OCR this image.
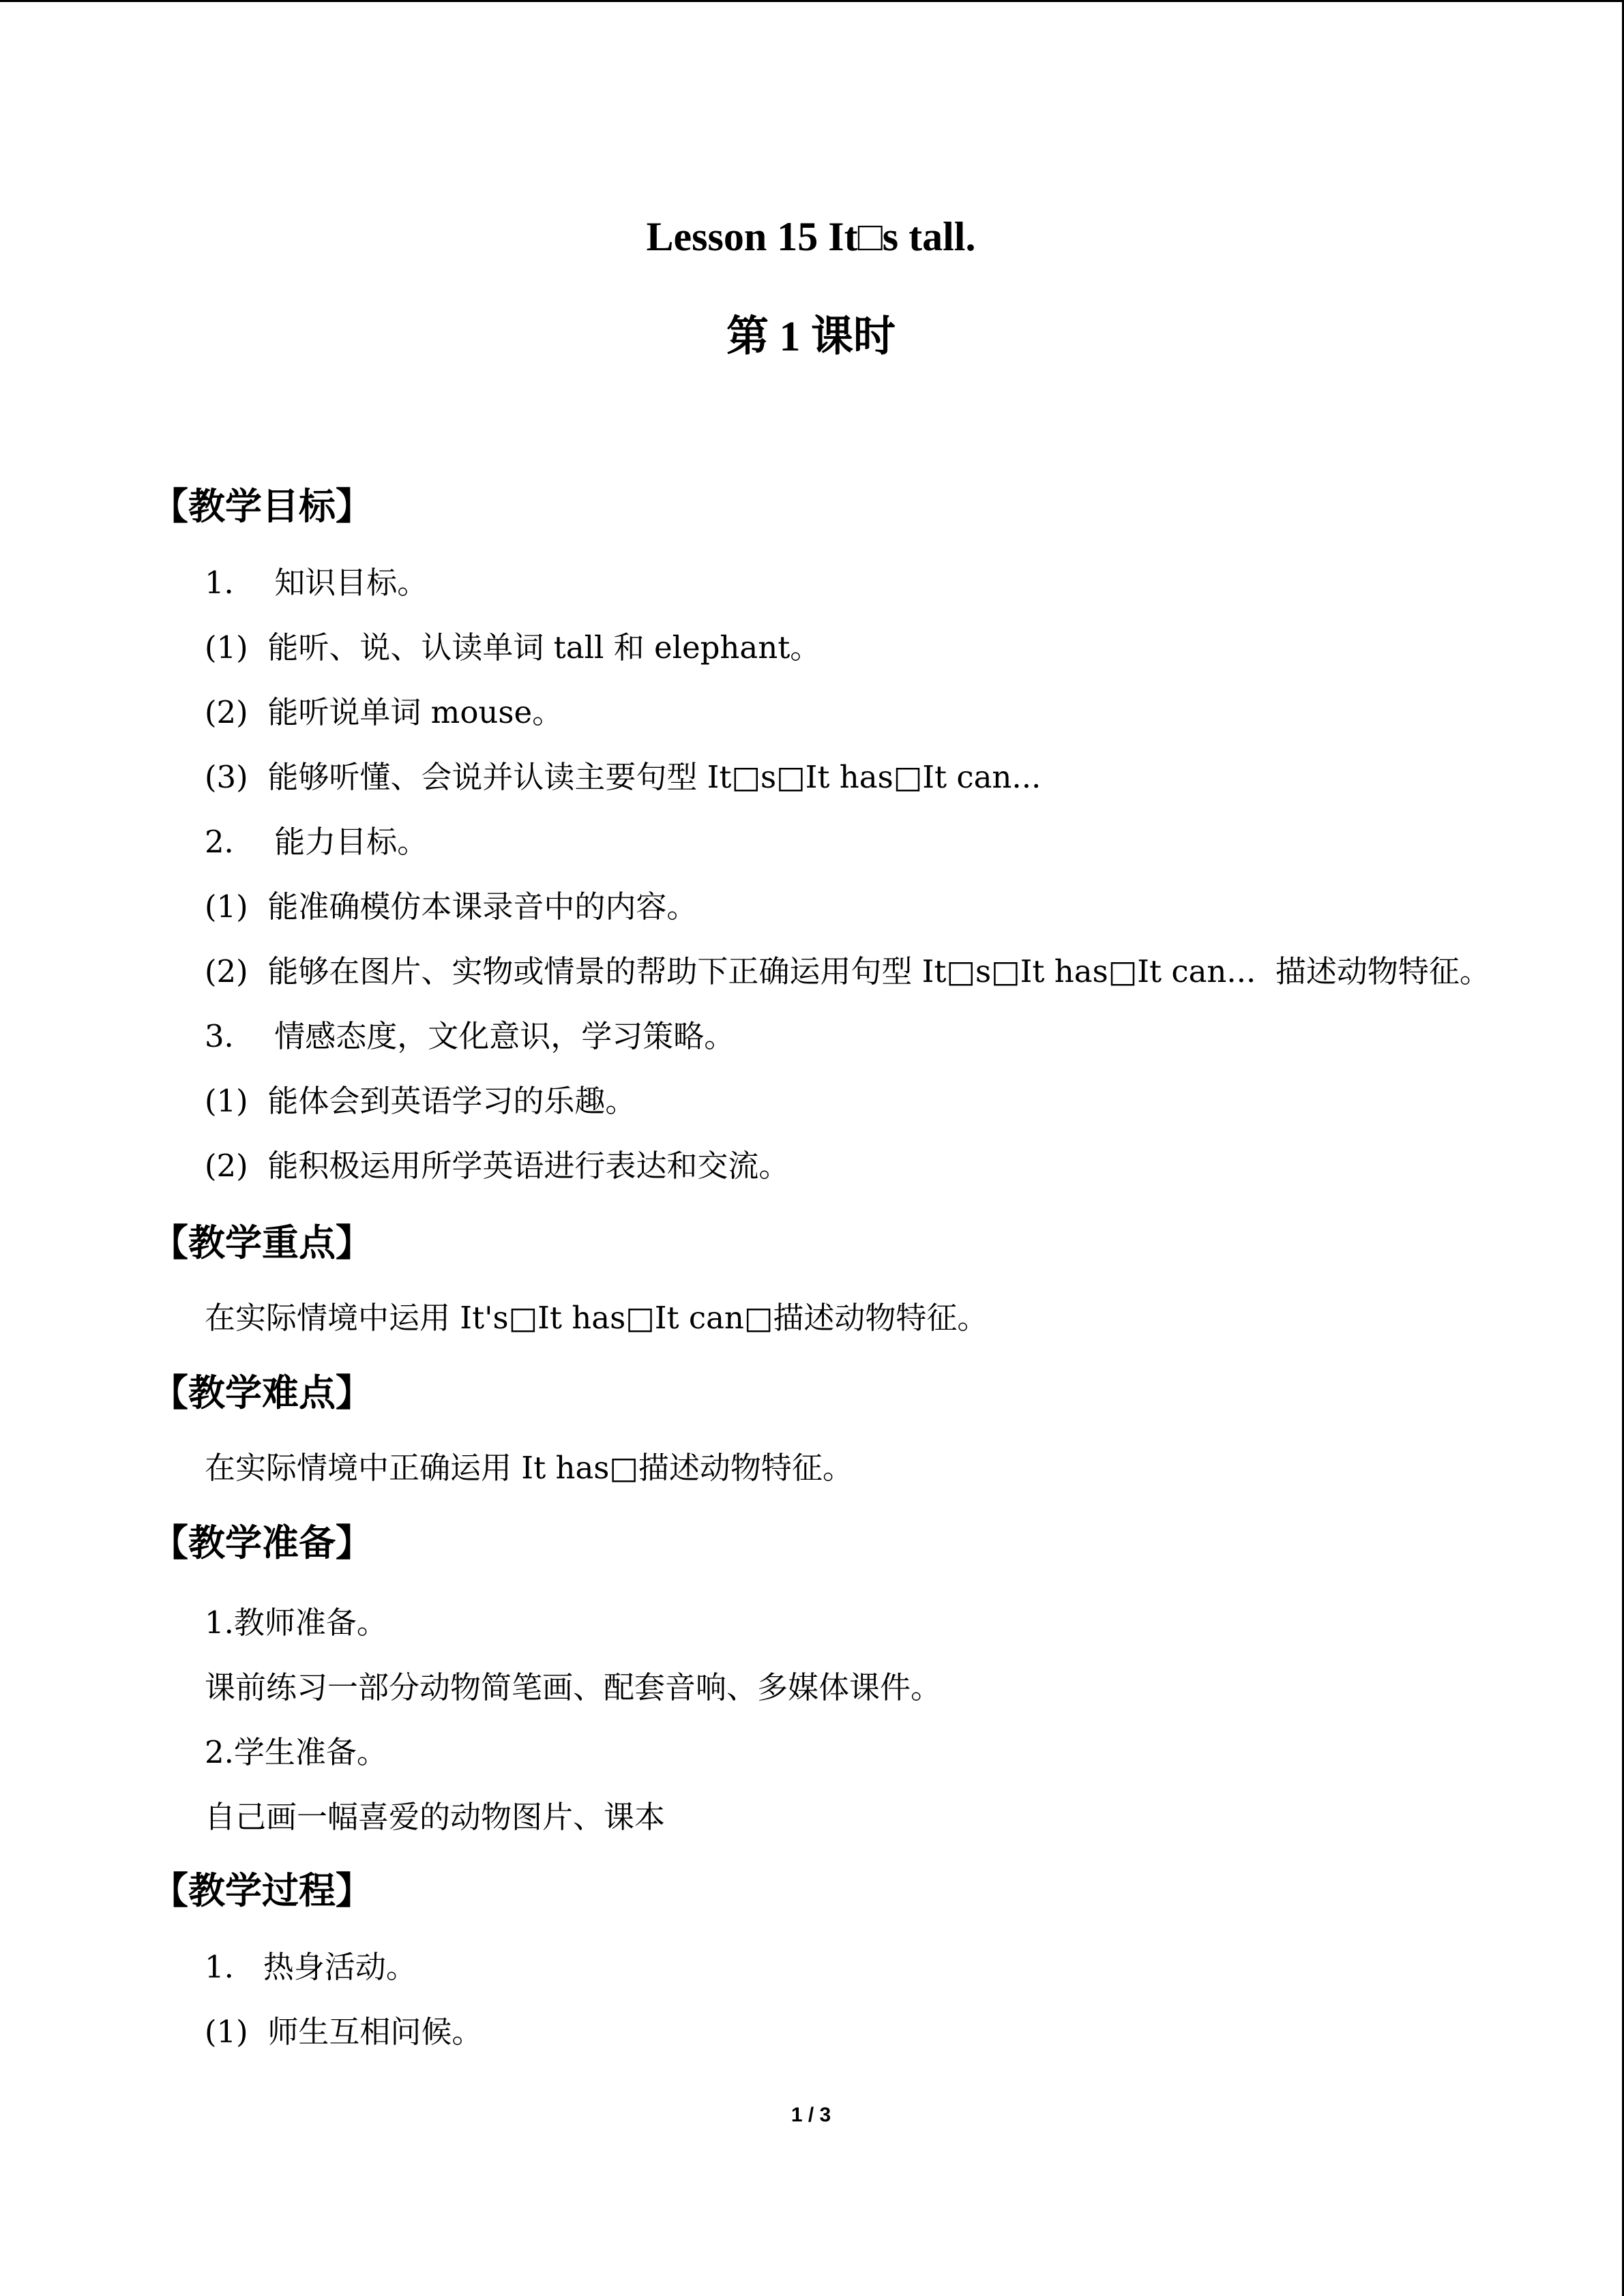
Lesson 15 It□s tall.
第 1 课时
【教学目标】
1．  知识目标。
(1)  能听、说、认读单词 tall 和 elephant。
(2)  能听说单词 mouse。
(3)  能够听懂、会说并认读主要句型 It□s□It has□It can...
2．  能力目标。
(1)  能准确模仿本课录音中的内容。
(2)  能够在图片、实物或情景的帮助下正确运用句型 It□s□It has□It can...  描述动物特征。
3．  情感态度，文化意识，学习策略。
(1)  能体会到英语学习的乐趣。
(2)  能积极运用所学英语进行表达和交流。
【教学重点】
在实际情境中运用 It's□It has□It can□描述动物特征。
【教学难点】
在实际情境中正确运用 It has□描述动物特征。
【教学准备】
1.教师准备。
课前练习一部分动物简笔画、配套音响、多媒体课件。
2.学生准备。
自己画一幅喜爱的动物图片、课本
【教学过程】
1.   热身活动。
(1)  师生互相问候。
1 / 3
